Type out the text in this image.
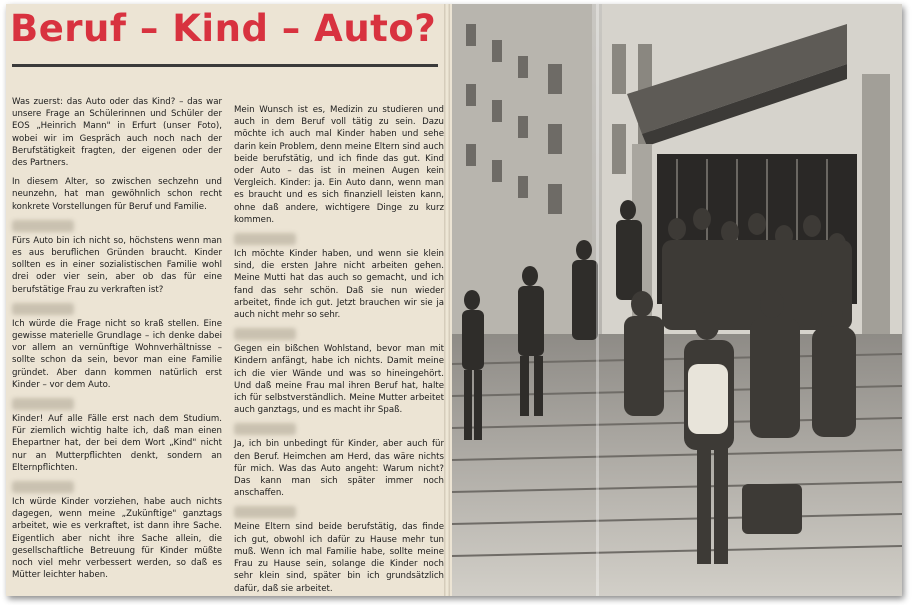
Beruf – Kind – Auto?

Was zuerst: das Auto oder das Kind? – das war unsere Frage an Schülerinnen und Schüler der EOS „Heinrich Mann" in Erfurt (unser Foto), wobei wir im Gespräch auch noch nach der Berufstätigkeit fragten, der eigenen oder der des Partners.

In diesem Alter, so zwischen sechzehn und neunzehn, hat man gewöhnlich schon recht konkrete Vorstellungen für Beruf und Familie.

Fürs Auto bin ich nicht so, höchstens wenn man es aus beruflichen Gründen braucht. Kinder sollten es in einer sozialistischen Familie wohl drei oder vier sein, aber ob das für eine berufstätige Frau zu verkraften ist?

Ich würde die Frage nicht so kraß stellen. Eine gewisse materielle Grundlage – ich denke dabei vor allem an vernünftige Wohnverhältnisse – sollte schon da sein, bevor man eine Familie gründet. Aber dann kommen natürlich erst Kinder – vor dem Auto.

Kinder! Auf alle Fälle erst nach dem Studium. Für ziemlich wichtig halte ich, daß man einen Ehepartner hat, der bei dem Wort „Kind" nicht nur an Mutterpflichten denkt, sondern an Elternpflichten.

Ich würde Kinder vorziehen, habe auch nichts dagegen, wenn meine „Zukünftige" ganztags arbeitet, wie es verkraftet, ist dann ihre Sache. Eigentlich aber nicht ihre Sache allein, die gesellschaftliche Betreuung für Kinder müßte noch viel mehr verbessert werden, so daß es Mütter leichter haben.

Mein Wunsch ist es, Medizin zu studieren und auch in dem Beruf voll tätig zu sein. Dazu möchte ich auch mal Kinder haben und sehe darin kein Problem, denn meine Eltern sind auch beide berufstätig, und ich finde das gut. Kind oder Auto – das ist in meinen Augen kein Vergleich. Kinder: ja. Ein Auto dann, wenn man es braucht und es sich finanziell leisten kann, ohne daß andere, wichtigere Dinge zu kurz kommen.

Ich möchte Kinder haben, und wenn sie klein sind, die ersten Jahre nicht arbeiten gehen. Meine Mutti hat das auch so gemacht, und ich fand das sehr schön. Daß sie nun wieder arbeitet, finde ich gut. Jetzt brauchen wir sie ja auch nicht mehr so sehr.

Gegen ein bißchen Wohlstand, bevor man mit Kindern anfängt, habe ich nichts. Damit meine ich die vier Wände und was so hineingehört. Und daß meine Frau mal ihren Beruf hat, halte ich für selbstverständlich. Meine Mutter arbeitet auch ganztags, und es macht ihr Spaß.

Ja, ich bin unbedingt für Kinder, aber auch für den Beruf. Heimchen am Herd, das wäre nichts für mich. Was das Auto angeht: Warum nicht? Das kann man sich später immer noch anschaffen.

Meine Eltern sind beide berufstätig, das finde ich gut, obwohl ich dafür zu Hause mehr tun muß. Wenn ich mal Familie habe, sollte meine Frau zu Hause sein, solange die Kinder noch sehr klein sind, später bin ich grundsätzlich dafür, daß sie arbeitet.
